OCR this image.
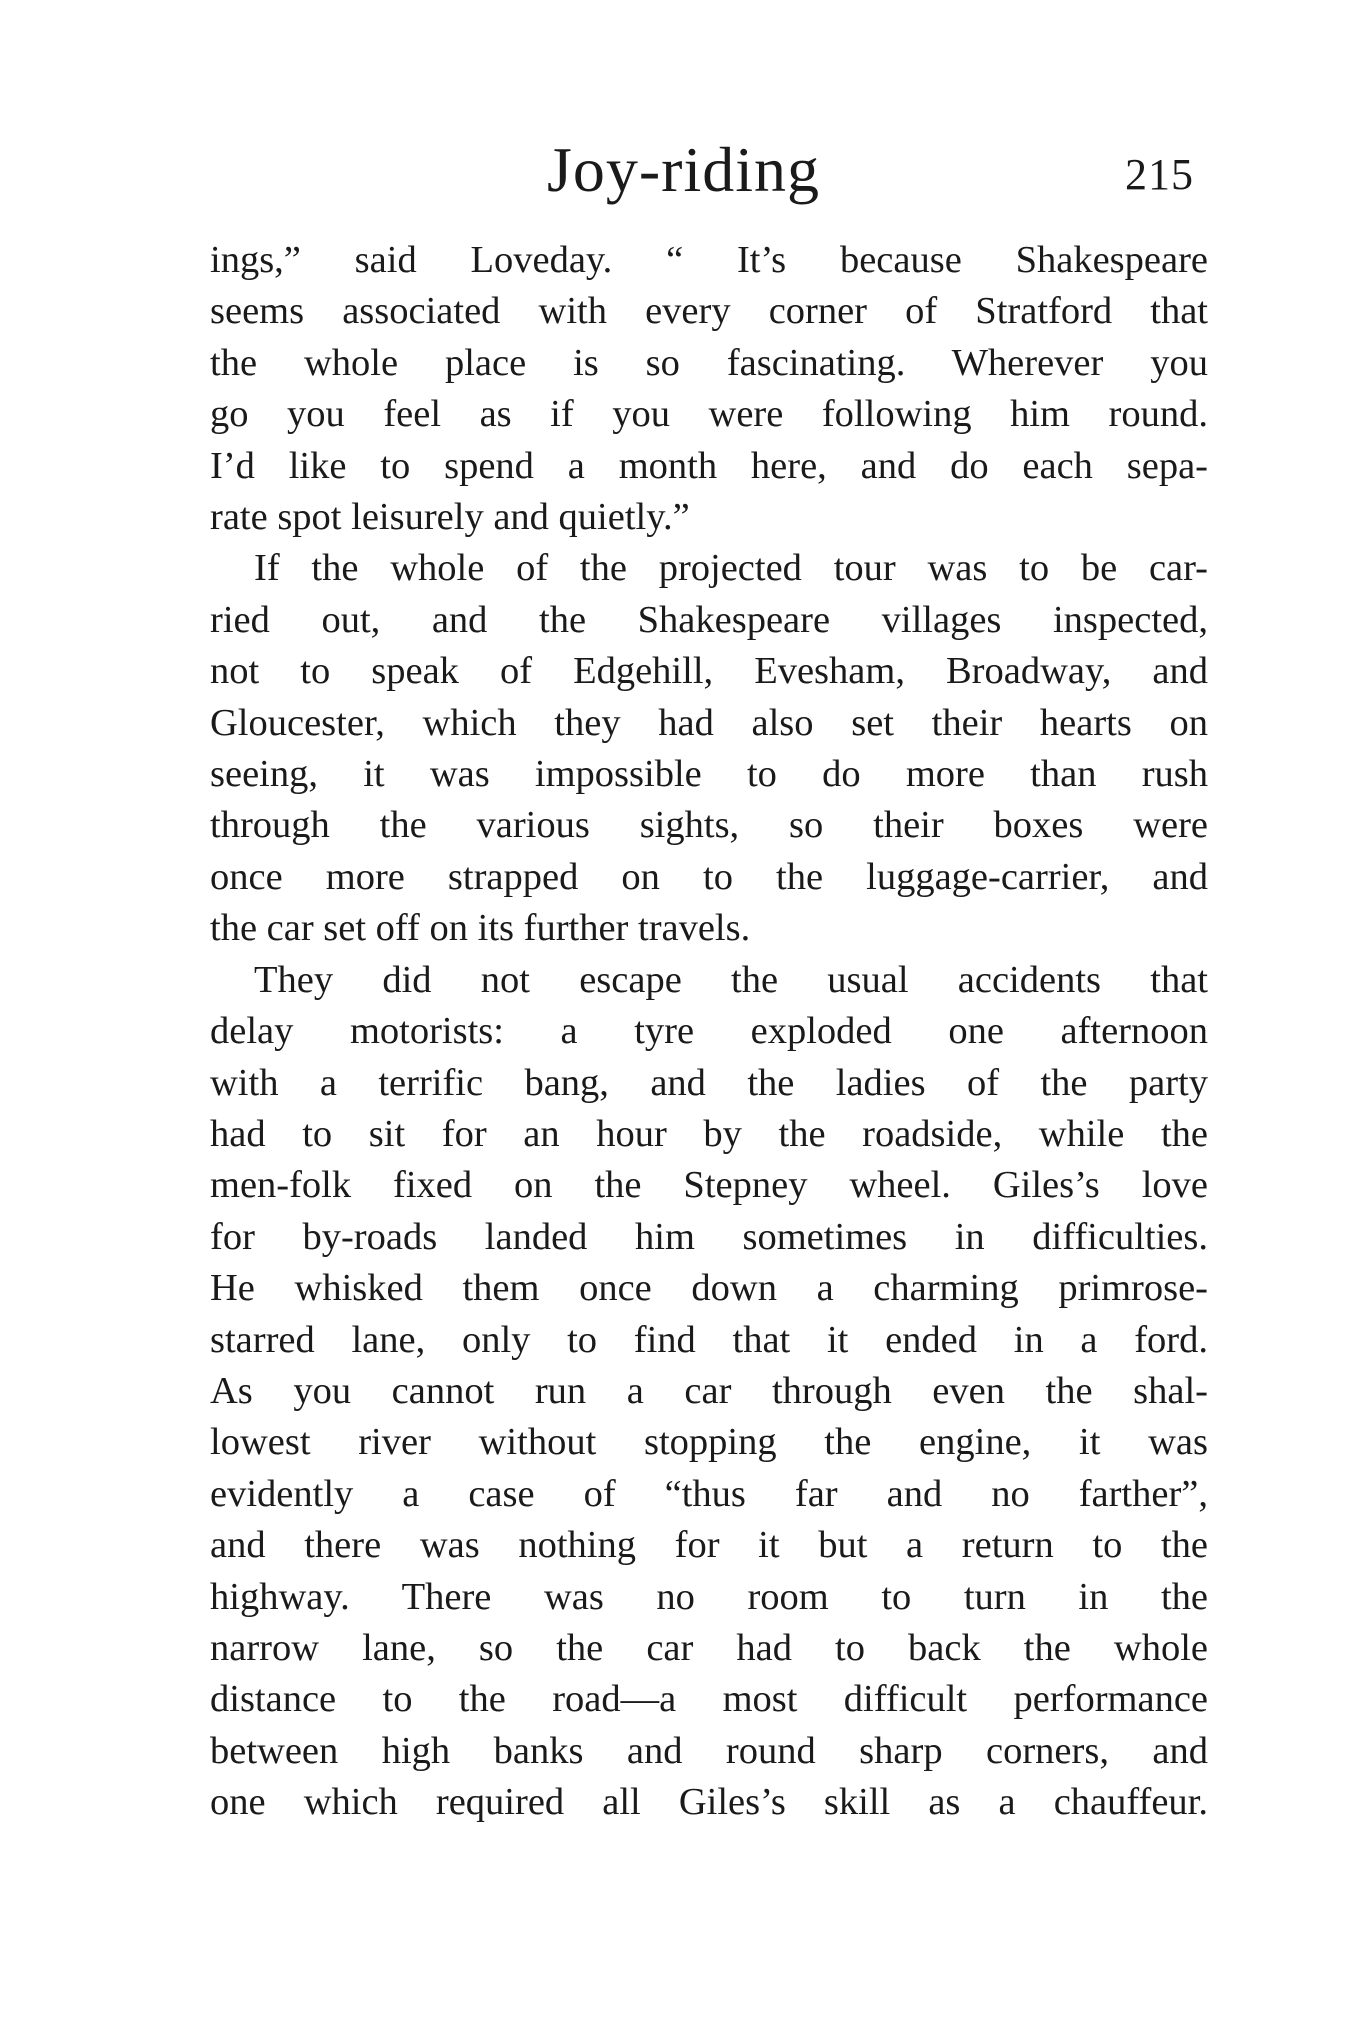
Joy-riding	215

ings,” said Loveday. “ It’s because Shakespeare
seems associated with every corner of Stratford that
the whole place is so fascinating. Wherever you
go you feel as if you were following him round.
I’d like to spend a month here, and do each sepa-
rate spot leisurely and quietly.”

If the whole of the projected tour was to be car-
ried out, and the Shakespeare villages inspected,
not to speak of Edgehill, Evesham, Broadway, and
Gloucester, which they had also set their hearts on
seeing, it was impossible to do more than rush
through the various sights, so their boxes were
once more strapped on to the luggage-carrier, and
the car set off on its further travels.

They did not escape the usual accidents that
delay motorists: a tyre exploded one afternoon
with a terrific bang, and the ladies of the party
had to sit for an hour by the roadside, while the
men-folk fixed on the Stepney wheel. Giles’s love
for by-roads landed him sometimes in difficulties.
He whisked them once down a charming primrose-
starred lane, only to find that it ended in a ford.
As you cannot run a car through even the shal-
lowest river without stopping the engine, it was
evidently a case of “thus far and no farther”,
and there was nothing for it but a return to the
highway. There was no room to turn in the
narrow lane, so the car had to back the whole
distance to the road—a most difficult performance
between high banks and round sharp corners, and
one which required all Giles’s skill as a chauffeur.
